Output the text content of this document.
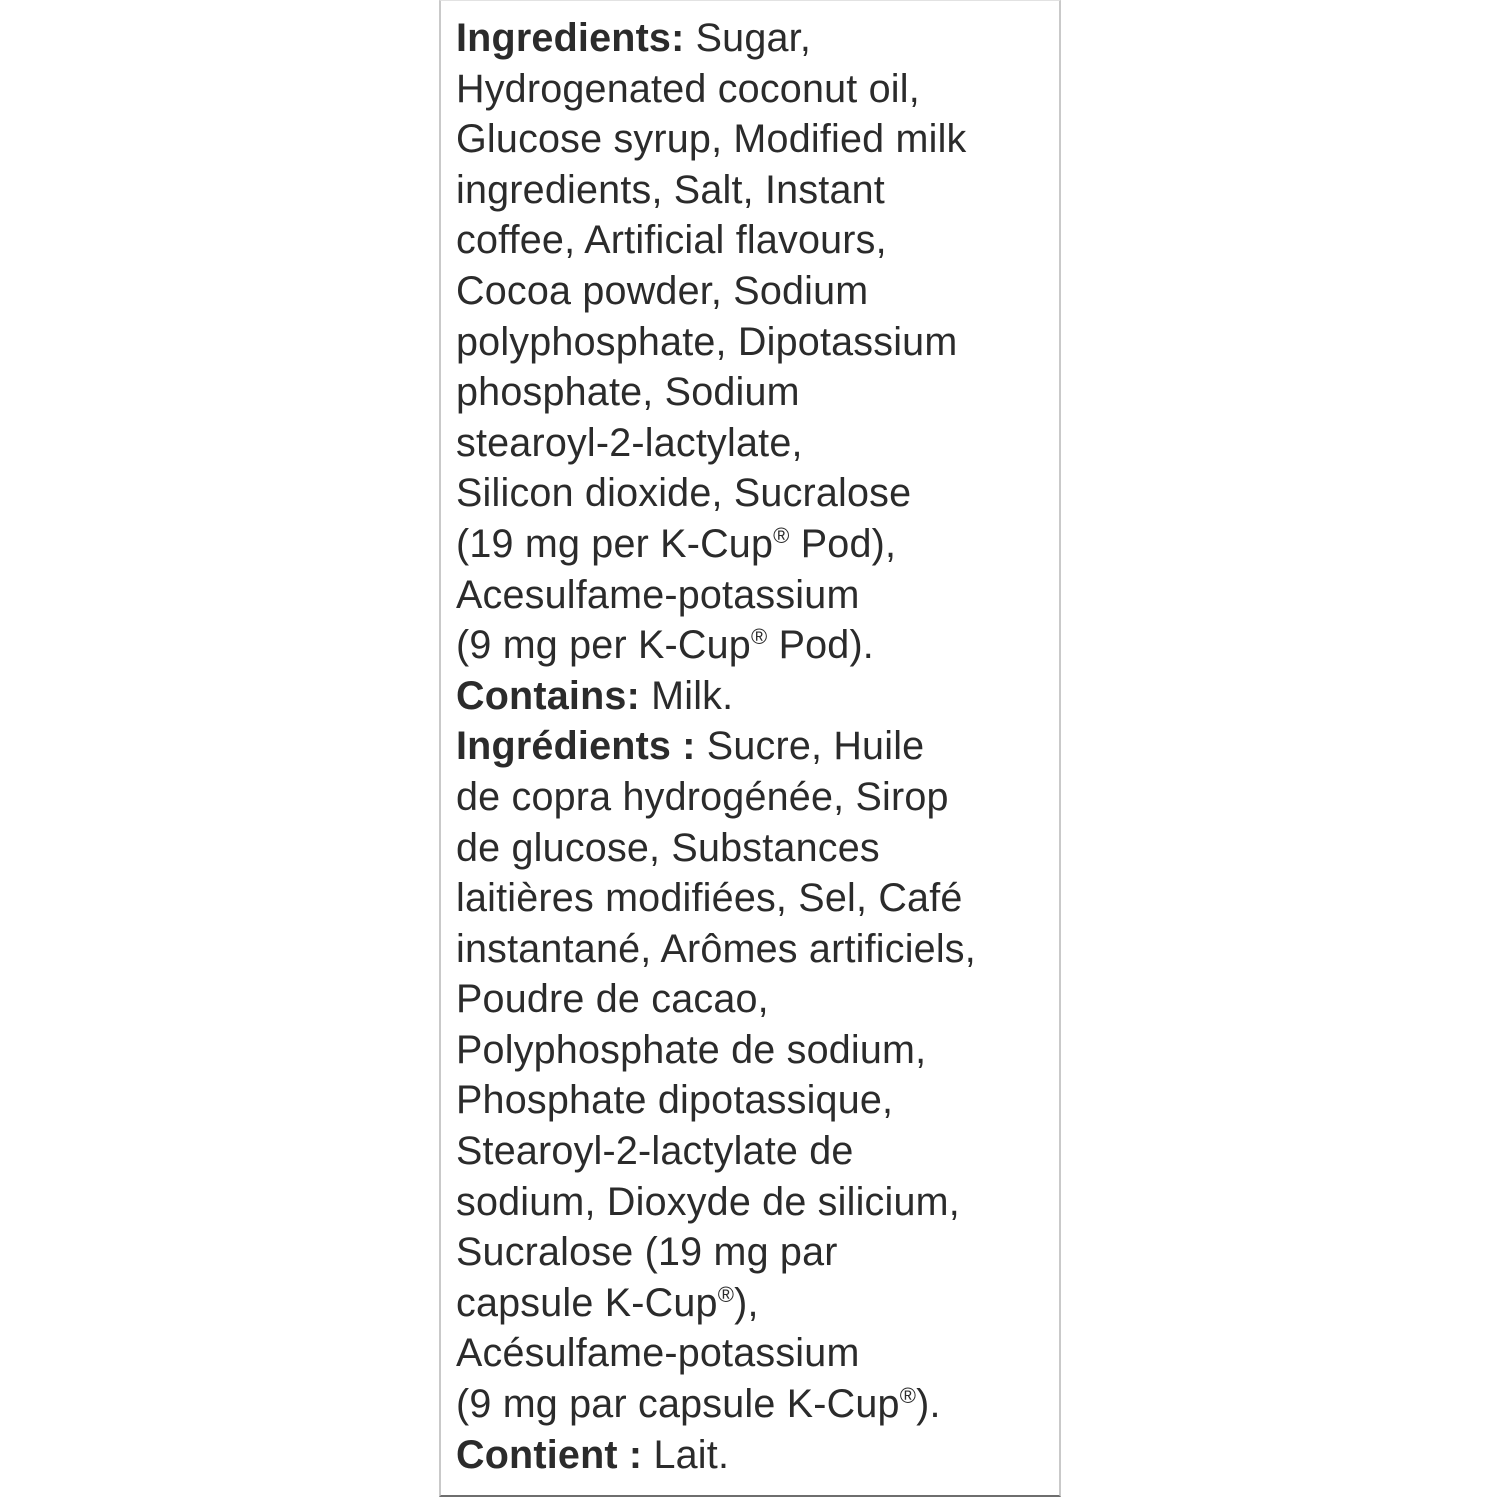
Ingredients: Sugar,
Hydrogenated coconut oil,
Glucose syrup, Modified milk
ingredients, Salt, Instant
coffee, Artificial flavours,
Cocoa powder, Sodium
polyphosphate, Dipotassium
phosphate, Sodium
stearoyl-2-lactylate,
Silicon dioxide, Sucralose
(19 mg per K-Cup® Pod),
Acesulfame-potassium
(9 mg per K-Cup® Pod).
Contains: Milk.
Ingrédients : Sucre, Huile
de copra hydrogénée, Sirop
de glucose, Substances
laitières modifiées, Sel, Café
instantané, Arômes artificiels,
Poudre de cacao,
Polyphosphate de sodium,
Phosphate dipotassique,
Stearoyl-2-lactylate de
sodium, Dioxyde de silicium,
Sucralose (19 mg par
capsule K-Cup®),
Acésulfame-potassium
(9 mg par capsule K-Cup®).
Contient : Lait.
